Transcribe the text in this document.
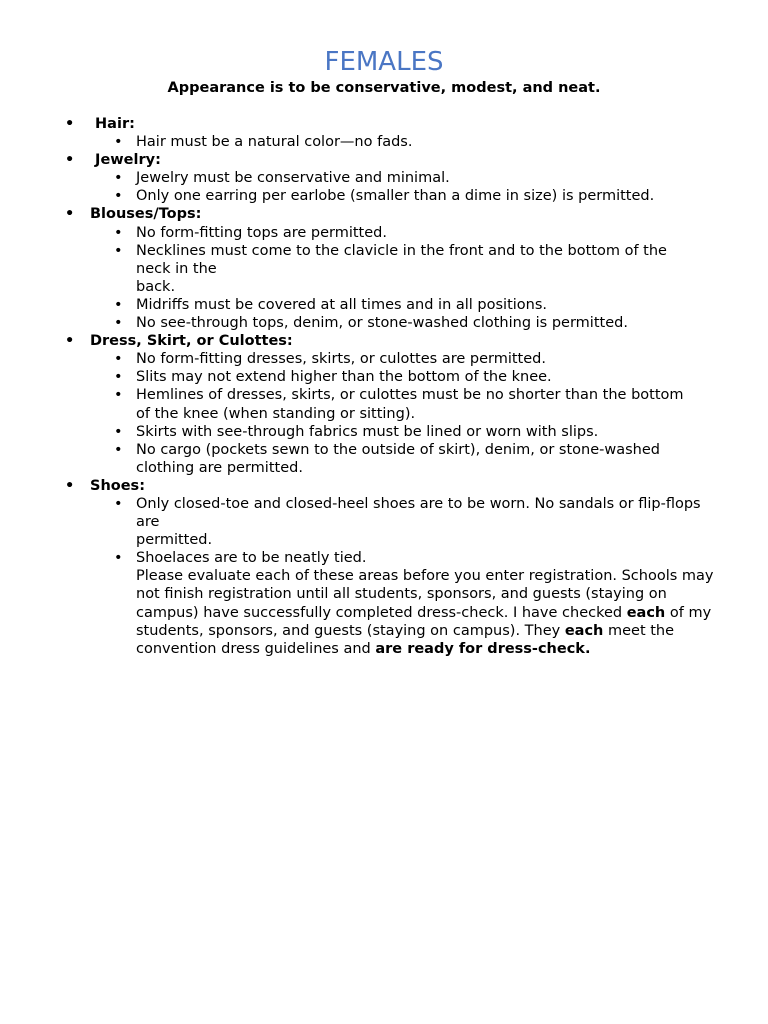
FEMALES
Appearance is to be conservative, modest, and neat.
• Hair:
• Hair must be a natural color—no fads.
• Jewelry:
• Jewelry must be conservative and minimal.
• Only one earring per earlobe (smaller than a dime in size) is permitted.
• Blouses/Tops:
• No form-fitting tops are permitted.
• Necklines must come to the clavicle in the front and to the bottom of the
neck in the
back.
• Midriffs must be covered at all times and in all positions.
• No see-through tops, denim, or stone-washed clothing is permitted.
• Dress, Skirt, or Culottes:
• No form-fitting dresses, skirts, or culottes are permitted.
• Slits may not extend higher than the bottom of the knee.
• Hemlines of dresses, skirts, or culottes must be no shorter than the bottom
of the knee (when standing or sitting).
• Skirts with see-through fabrics must be lined or worn with slips.
• No cargo (pockets sewn to the outside of skirt), denim, or stone-washed
clothing are permitted.
• Shoes:
• Only closed-toe and closed-heel shoes are to be worn. No sandals or flip-flops
are
permitted.
• Shoelaces are to be neatly tied.
Please evaluate each of these areas before you enter registration. Schools may not finish registration until all students, sponsors, and guests (staying on campus) have successfully completed dress-check. I have checked each of my students, sponsors, and guests (staying on campus). They each meet the convention dress guidelines and are ready for dress-check.
